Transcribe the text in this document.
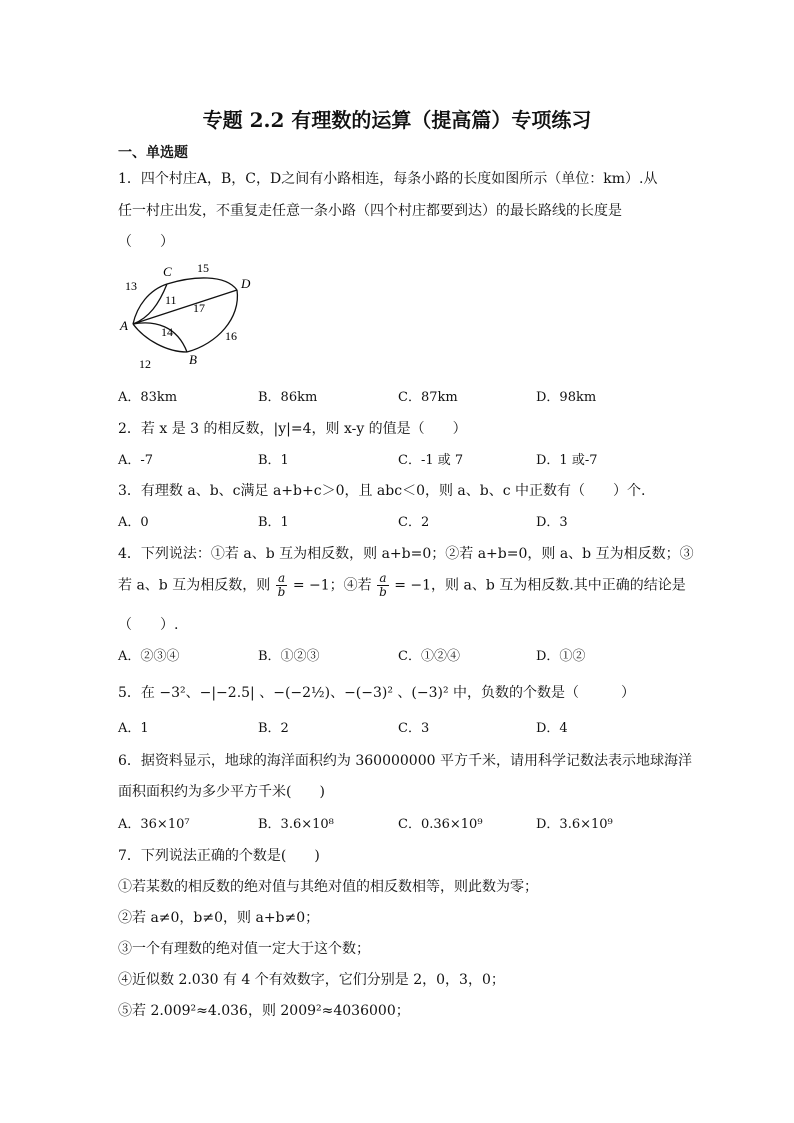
专题 2.2 有理数的运算（提高篇）专项练习
一、单选题
1．四个村庄A，B，C，D之间有小路相连，每条小路的长度如图所示（单位：km）.从
任一村庄出发，不重复走任意一条小路（四个村庄都要到达）的最长路线的长度是
（　　）
A
C
D
B
13
15
11
17
14
12
16
A．83km	B．86km	C．87km	D．98km
2．若 x 是 3 的相反数，|y|=4，则 x-y 的值是（　　）
A．-7	B．1	C．-1 或 7	D．1 或-7
3．有理数 a、b、c满足 a+b+c＞0，且 abc＜0，则 a、b、c 中正数有（　　）个.
A．0	B．1	C．2	D．3
4．下列说法：①若 a、b 互为相反数，则 a+b=0；②若 a+b=0，则 a、b 互为相反数；③
若 a、b 互为相反数，则 $\frac{a}{b} = -1$；④若 $\frac{a}{b} = -1$，则 a、b 互为相反数.其中正确的结论是
（　　）.
A．②③④	B．①②③	C．①②④	D．①②
5．在 −3²、−|−2.5| 、−(−2½)、−(−3)² 、(−3)² 中，负数的个数是（　　　）
A．1	B．2	C．3	D．4
6．据资料显示，地球的海洋面积约为 360000000 平方千米，请用科学记数法表示地球海洋
面积面积约为多少平方千米(　　)
A．36×10⁷	B．3.6×10⁸	C．0.36×10⁹	D．3.6×10⁹
7．下列说法正确的个数是(　　)
①若某数的相反数的绝对值与其绝对值的相反数相等，则此数为零；
②若 a≠0，b≠0，则 a+b≠0；
③一个有理数的绝对值一定大于这个数；
④近似数 2.030 有 4 个有效数字，它们分别是 2，0，3，0；
⑤若 2.009²≈4.036，则 2009²≈4036000；
